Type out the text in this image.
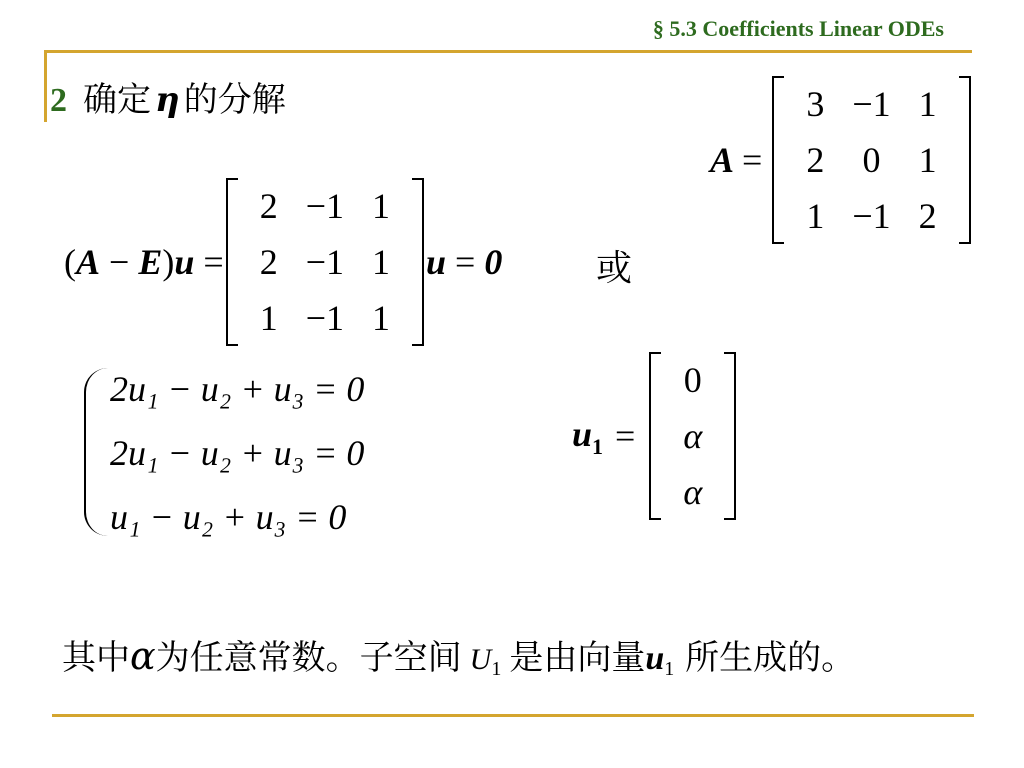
§ 5.3 Coefficients Linear ODEs
2 确定 η 的分解
A =
3	−1	1
2	0	1
1	−1	2
(A − E)u =
2	−1	1
2	−1	1
1	−1	1
u = 0	或
2u₁ − u₂ + u₃ = 0
2u₁ − u₂ + u₃ = 0
u₁ − u₂ + u₃ = 0
$u_1$ =
0
α
α
其中α为任意常数。子空间 $U_1$ 是由向量u1 所生成的。
